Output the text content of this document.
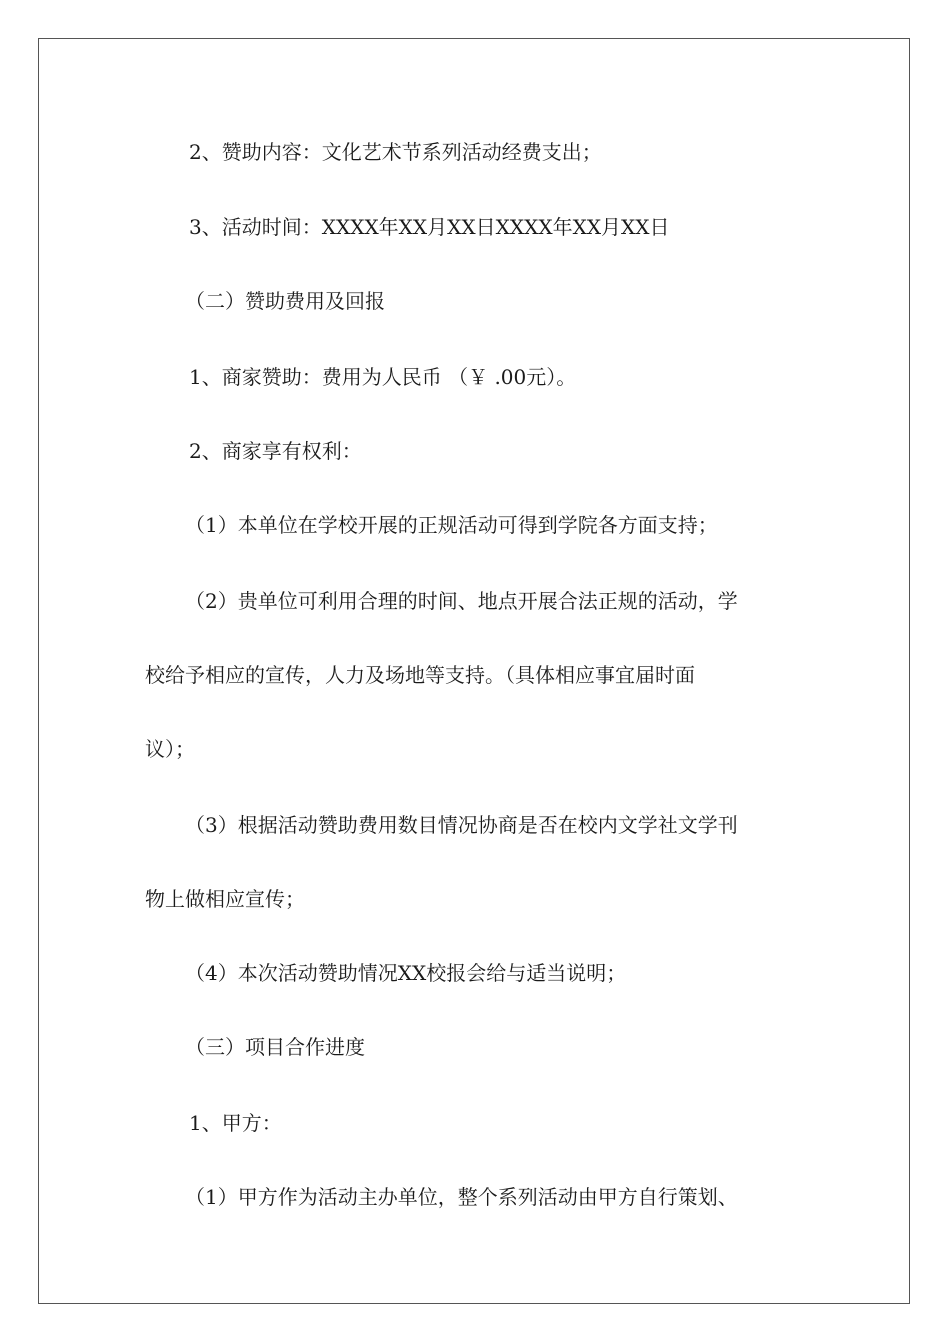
2、赞助内容：文化艺术节系列活动经费支出；
3、活动时间：XXXX年XX月XX日XXXX年XX月XX日
（二）赞助费用及回报
1、商家赞助：费用为人民币 （￥ .00元）。
2、商家享有权利：
（1）本单位在学校开展的正规活动可得到学院各方面支持；
（2）贵单位可利用合理的时间、地点开展合法正规的活动，学
校给予相应的宣传，人力及场地等支持。（具体相应事宜届时面
议）；
（3）根据活动赞助费用数目情况协商是否在校内文学社文学刊
物上做相应宣传；
（4）本次活动赞助情况XX校报会给与适当说明；
（三）项目合作进度
1、甲方：
（1）甲方作为活动主办单位，整个系列活动由甲方自行策划、
